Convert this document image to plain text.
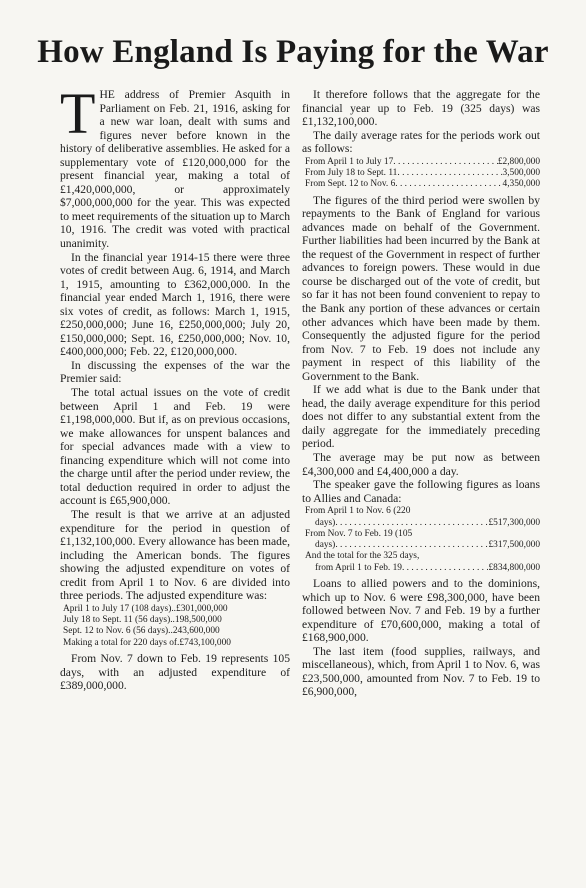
How England Is Paying for the War

THE address of Premier Asquith in Parliament on Feb. 21, 1916, asking for a new war loan, dealt with sums and figures never before known in the history of deliberative assemblies. He asked for a supplementary vote of £120,000,000 for the present financial year, making a total of £1,420,000,000, or approximately $7,000,000,000 for the year. This was expected to meet requirements of the situation up to March 10, 1916. The credit was voted with practical unanimity.

In the financial year 1914-15 there were three votes of credit between Aug. 6, 1914, and March 1, 1915, amounting to £362,000,000. In the financial year ended March 1, 1916, there were six votes of credit, as follows: March 1, 1915, £250,000,000; June 16, £250,000,000; July 20, £150,000,000; Sept. 16, £250,000,000; Nov. 10, £400,000,000; Feb. 22, £120,000,000.

In discussing the expenses of the war the Premier said:

The total actual issues on the vote of credit between April 1 and Feb. 19 were £1,198,000,000. But if, as on previous occasions, we make allowances for unspent balances and for special advances made with a view to financing expenditure which will not come into the charge until after the period under review, the total deduction required in order to adjust the account is £65,900,000.

The result is that we arrive at an adjusted expenditure for the period in question of £1,132,100,000. Every allowance has been made, including the American bonds. The figures showing the adjusted expenditure on votes of credit from April 1 to Nov. 6 are divided into three periods. The adjusted expenditure was:

April 1 to July 17 (108 days).. £301,000,000
July 18 to Sept. 11 (56 days).. 198,500,000
Sept. 12 to Nov. 6 (56 days).. 243,600,000
Making a total for 220 days of.£743,100,000

From Nov. 7 down to Feb. 19 represents 105 days, with an adjusted expenditure of £389,000,000.

It therefore follows that the aggregate for the financial year up to Feb. 19 (325 days) was £1,132,100,000.

The daily average rates for the periods work out as follows:

From April 1 to July 17 . . .	£2,800,000
From July 18 to Sept. 11 . . .	3,500,000
From Sept. 12 to Nov. 6 . . .	4,350,000

The figures of the third period were swollen by repayments to the Bank of England for various advances made on behalf of the Government. Further liabilities had been incurred by the Bank at the request of the Government in respect of further advances to foreign powers. These would in due course be discharged out of the vote of credit, but so far it has not been found convenient to repay to the Bank any portion of these advances or certain other advances which have been made by them. Consequently the adjusted figure for the period from Nov. 7 to Feb. 19 does not include any payment in respect of this liability of the Government to the Bank.

If we add what is due to the Bank under that head, the daily average expenditure for this period does not differ to any substantial extent from the daily aggregate for the immediately preceding period.

The average may be put now as between £4,300,000 and £4,400,000 a day.

The speaker gave the following figures as loans to Allies and Canada:

From April 1 to Nov. 6 (220
days) . . .	£517,300,000
From Nov. 7 to Feb. 19 (105
days) . . .	£317,500,000
And the total for the 325 days,
from April 1 to Feb. 19 . . .	£834,800,000

Loans to allied powers and to the dominions, which up to Nov. 6 were £98,300,000, have been followed between Nov. 7 and Feb. 19 by a further expenditure of £70,600,000, making a total of £168,900,000.

The last item (food supplies, railways, and miscellaneous), which, from April 1 to Nov. 6, was £23,500,000, amounted from Nov. 7 to Feb. 19 to £6,900,000,
